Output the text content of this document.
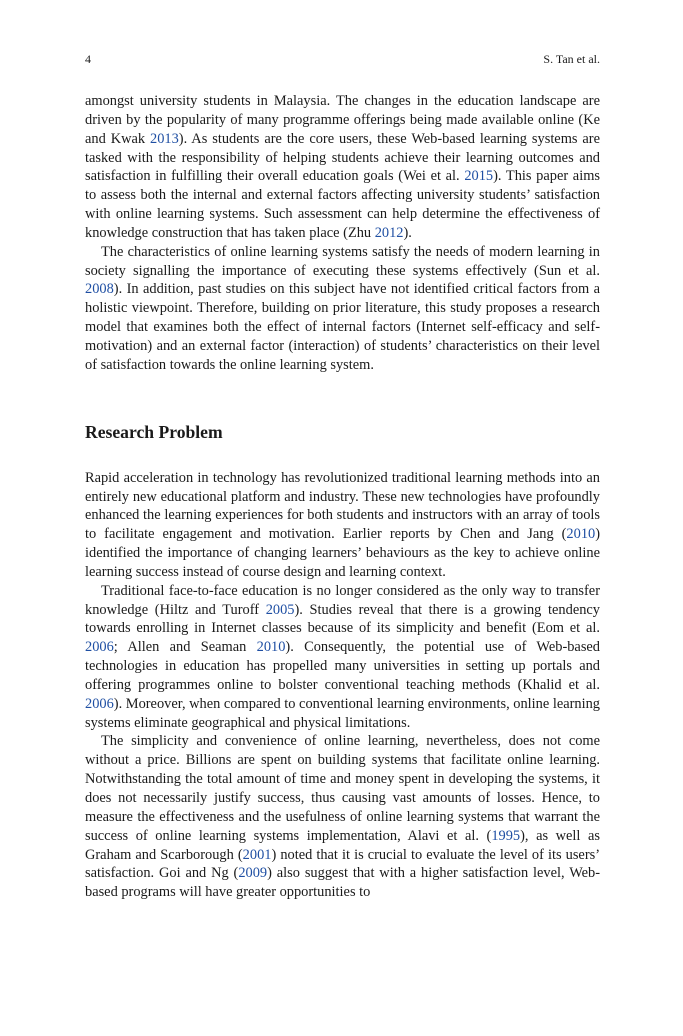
4	S. Tan et al.

amongst university students in Malaysia. The changes in the education landscape are driven by the popularity of many programme offerings being made available online (Ke and Kwak 2013). As students are the core users, these Web-based learning systems are tasked with the responsibility of helping students achieve their learning outcomes and satisfaction in fulfilling their overall education goals (Wei et al. 2015). This paper aims to assess both the internal and external factors affecting university students’ satisfaction with online learning systems. Such assessment can help determine the effectiveness of knowledge construction that has taken place (Zhu 2012).

The characteristics of online learning systems satisfy the needs of modern learning in society signalling the importance of executing these systems effectively (Sun et al. 2008). In addition, past studies on this subject have not identified critical factors from a holistic viewpoint. Therefore, building on prior literature, this study proposes a research model that examines both the effect of internal factors (Internet self-efficacy and self-motivation) and an external factor (interaction) of students’ characteristics on their level of satisfaction towards the online learning system.

Research Problem

Rapid acceleration in technology has revolutionized traditional learning methods into an entirely new educational platform and industry. These new technologies have profoundly enhanced the learning experiences for both students and instructors with an array of tools to facilitate engagement and motivation. Earlier reports by Chen and Jang (2010) identified the importance of changing learners’ behaviours as the key to achieve online learning success instead of course design and learning context.

Traditional face-to-face education is no longer considered as the only way to transfer knowledge (Hiltz and Turoff 2005). Studies reveal that there is a growing tendency towards enrolling in Internet classes because of its simplicity and benefit (Eom et al. 2006; Allen and Seaman 2010). Consequently, the potential use of Web-based technologies in education has propelled many universities in setting up portals and offering programmes online to bolster conventional teaching methods (Khalid et al. 2006). Moreover, when compared to conventional learning environments, online learning systems eliminate geographical and physical limitations.

The simplicity and convenience of online learning, nevertheless, does not come without a price. Billions are spent on building systems that facilitate online learning. Notwithstanding the total amount of time and money spent in developing the systems, it does not necessarily justify success, thus causing vast amounts of losses. Hence, to measure the effectiveness and the usefulness of online learning systems that warrant the success of online learning systems implementation, Alavi et al. (1995), as well as Graham and Scarborough (2001) noted that it is crucial to evaluate the level of its users’ satisfaction. Goi and Ng (2009) also suggest that with a higher satisfaction level, Web-based programs will have greater opportunities to
